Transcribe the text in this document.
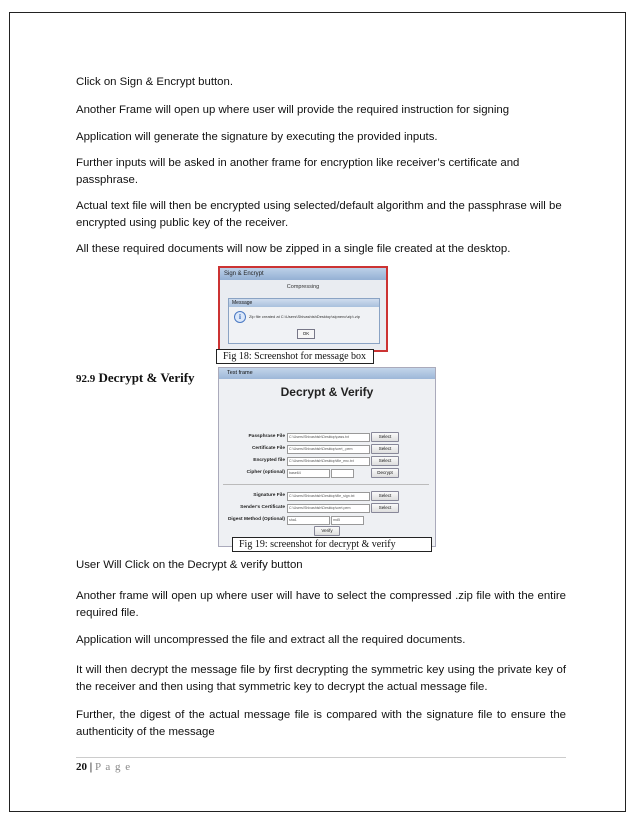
Click on Sign & Encrypt button.

Another Frame will open up where user will provide the required instruction for signing

Application will generate the signature by executing the provided inputs.

Further inputs will be asked in another frame for encryption like receiver’s certificate and passphrase.

Actual text file will then be encrypted using selected/default algorithm and the passphrase will be encrypted using public key of the receiver.

All these required documents will now be zipped in a single file created at the desktop.

Sign & Encrypt
Compressing
Message
i	Zip file created at C:\Users\ShivashishDesktop\sipnenc\zip\.zip
OK
Fig 18: Screenshot for message box
92.9 Decrypt & Verify	Test frame
Decrypt & Verify
Passphrase File	C:\Users\Shivashish\Desktop\pass.txt	Select
Certificate File	C:\Users\Shivashish\Desktop\cert_.pem	Select
Encrypted file	C:\Users\Shivashish\Desktop\file_enc.txt	Select
Cipher (optional)	base64	Decrypt
Signature File	C:\Users\Shivashish\Desktop\file_sign.txt	Select
Sender's Certificate	C:\Users\Shivashish\Desktop\cert.pem	Select
Digest Method (Optional)	sha1	md5
Verify
Fig 19: screenshot for decrypt & verify

User Will Click on the Decrypt & verify button

Another frame will open up where user will have to select the compressed .zip file with the entire required file.

Application will uncompressed the file and extract all the required documents.

It will then decrypt the message file by first decrypting the symmetric key using the private key of the receiver and then using that symmetric key to decrypt the actual message file.

Further, the digest of the actual message file is compared with the signature file to ensure the authenticity of the message

20 | P a g e
